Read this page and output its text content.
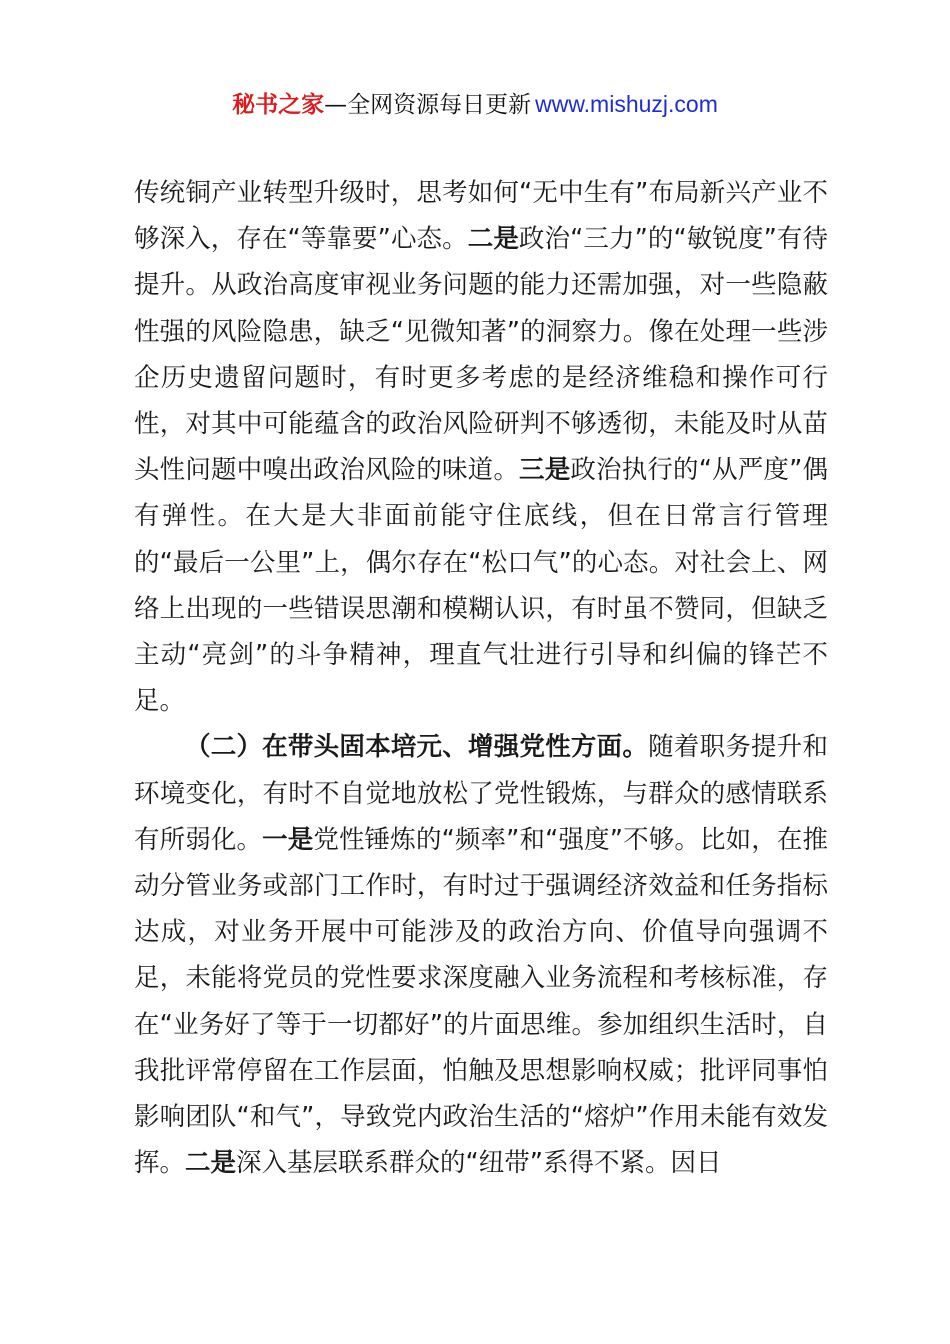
秘书之家—全网资源每日更新 www.mishuzj.com

传统铜产业转型升级时，思考如何“无中生有”布局新兴产业不够深入，存在“等靠要”心态。二是政治“三力”的“敏锐度”有待提升。从政治高度审视业务问题的能力还需加强，对一些隐蔽性强的风险隐患，缺乏“见微知著”的洞察力。像在处理一些涉企历史遗留问题时，有时更多考虑的是经济维稳和操作可行性，对其中可能蕴含的政治风险研判不够透彻，未能及时从苗头性问题中嗅出政治风险的味道。三是政治执行的“从严度”偶有弹性。在大是大非面前能守住底线，但在日常言行管理的“最后一公里”上，偶尔存在“松口气”的心态。对社会上、网络上出现的一些错误思潮和模糊认识，有时虽不赞同，但缺乏主动“亮剑”的斗争精神，理直气壮进行引导和纠偏的锋芒不足。

（二）在带头固本培元、增强党性方面。随着职务提升和环境变化，有时不自觉地放松了党性锻炼，与群众的感情联系有所弱化。一是党性锤炼的“频率”和“强度”不够。比如，在推动分管业务或部门工作时，有时过于强调经济效益和任务指标达成，对业务开展中可能涉及的政治方向、价值导向强调不足，未能将党员的党性要求深度融入业务流程和考核标准，存在“业务好了等于一切都好”的片面思维。参加组织生活时，自我批评常停留在工作层面，怕触及思想影响权威；批评同事怕影响团队“和气”，导致党内政治生活的“熔炉”作用未能有效发挥。二是深入基层联系群众的“纽带”系得不紧。因日
